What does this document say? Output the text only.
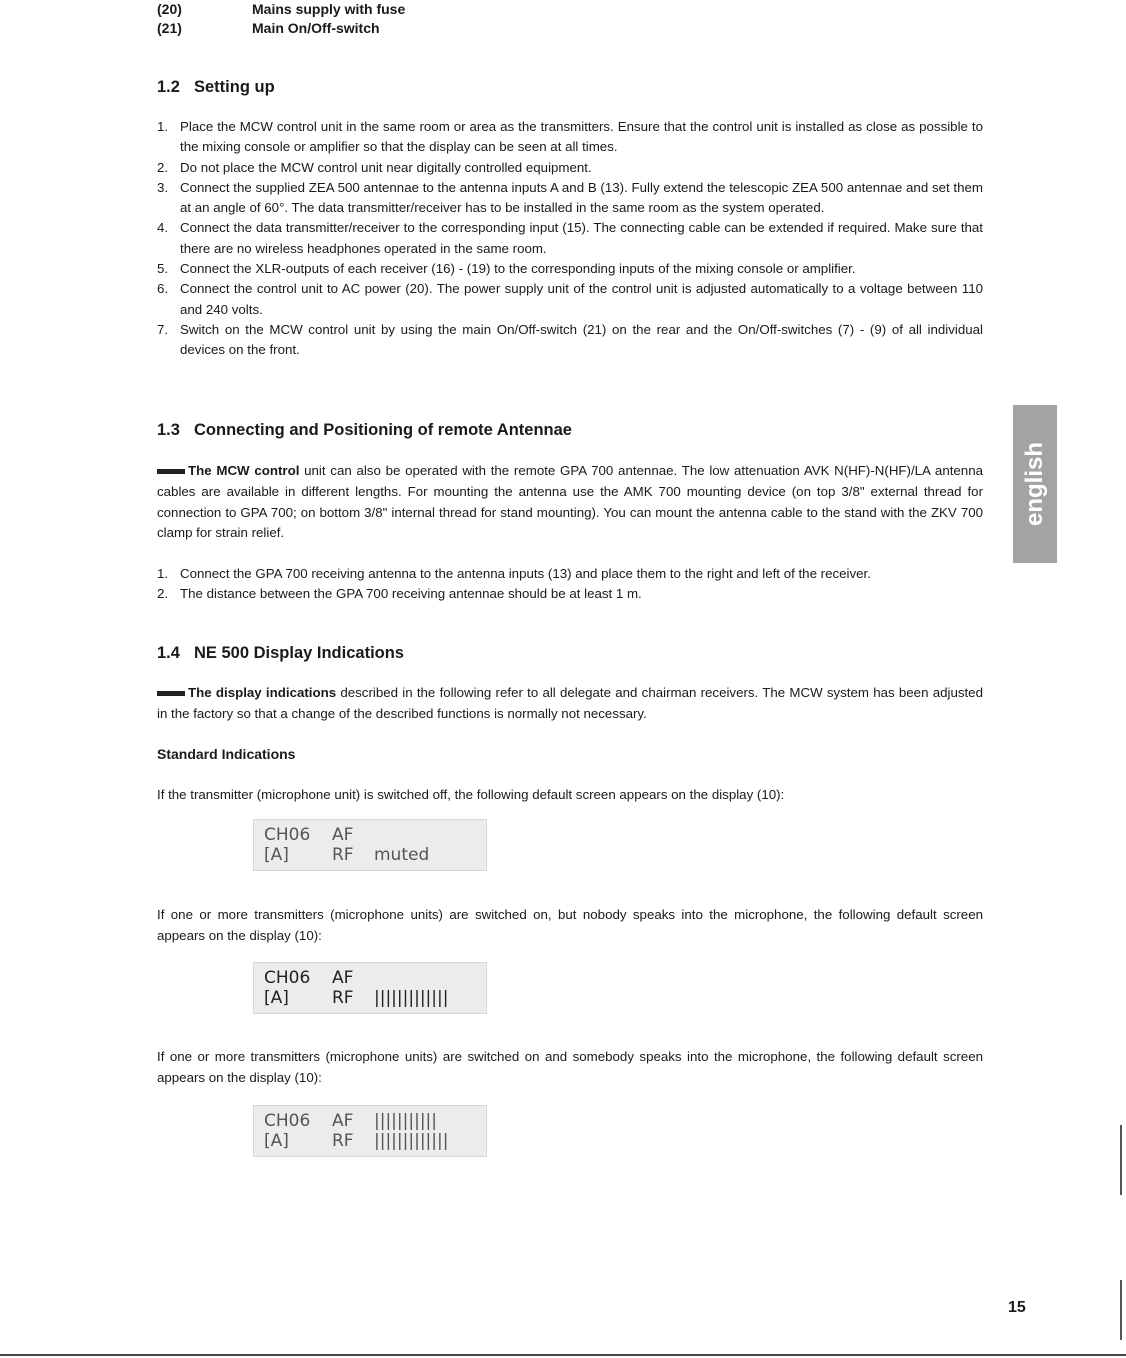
(20)	Mains supply with fuse
(21)	Main On/Off-switch
1.2 Setting up
1. Place the MCW control unit in the same room or area as the transmitters. Ensure that the control unit is installed as close as possible to the mixing console or amplifier so that the display can be seen at all times.
2. Do not place the MCW control unit near digitally controlled equipment.
3. Connect the supplied ZEA 500 antennae to the antenna inputs A and B (13). Fully extend the telescopic ZEA 500 antennae and set them at an angle of 60°. The data transmitter/receiver has to be installed in the same room as the system operated.
4. Connect the data transmitter/receiver to the corresponding input (15). The connecting cable can be extended if required. Make sure that there are no wireless headphones operated in the same room.
5. Connect the XLR-outputs of each receiver (16) - (19) to the corresponding inputs of the mixing console or amplifier.
6. Connect the control unit to AC power (20). The power supply unit of the control unit is adjusted automatically to a voltage between 110 and 240 volts.
7. Switch on the MCW control unit by using the main On/Off-switch (21) on the rear and the On/Off-switches (7) - (9) of all individual devices on the front.
1.3 Connecting and Positioning of remote Antennae
The MCW control unit can also be operated with the remote GPA 700 antennae. The low attenuation AVK N(HF)-N(HF)/LA antenna cables are available in different lengths. For mounting the antenna use the AMK 700 mounting device (on top 3/8" external thread for connection to GPA 700; on bottom 3/8" internal thread for stand mounting). You can mount the antenna cable to the stand with the ZKV 700 clamp for strain relief.
1. Connect the GPA 700 receiving antenna to the antenna inputs (13) and place them to the right and left of the receiver.
2. The distance between the GPA 700 receiving antennae should be at least 1 m.
1.4 NE 500 Display Indications
The display indications described in the following refer to all delegate and chairman receivers. The MCW system has been adjusted in the factory so that a change of the described functions is normally not necessary.
Standard Indications
If the transmitter (microphone unit) is switched off, the following default screen appears on the display (10):
CH06 AF
[A]	RF muted
If one or more transmitters (microphone units) are switched on, but nobody speaks into the microphone, the following default screen appears on the display (10):
CH06 AF
[A]	RF |||||||||||||
If one or more transmitters (microphone units) are switched on and somebody speaks into the microphone, the following default screen appears on the display (10):
CH06 AF |||||||||||
[A]	RF |||||||||||||
english
15
